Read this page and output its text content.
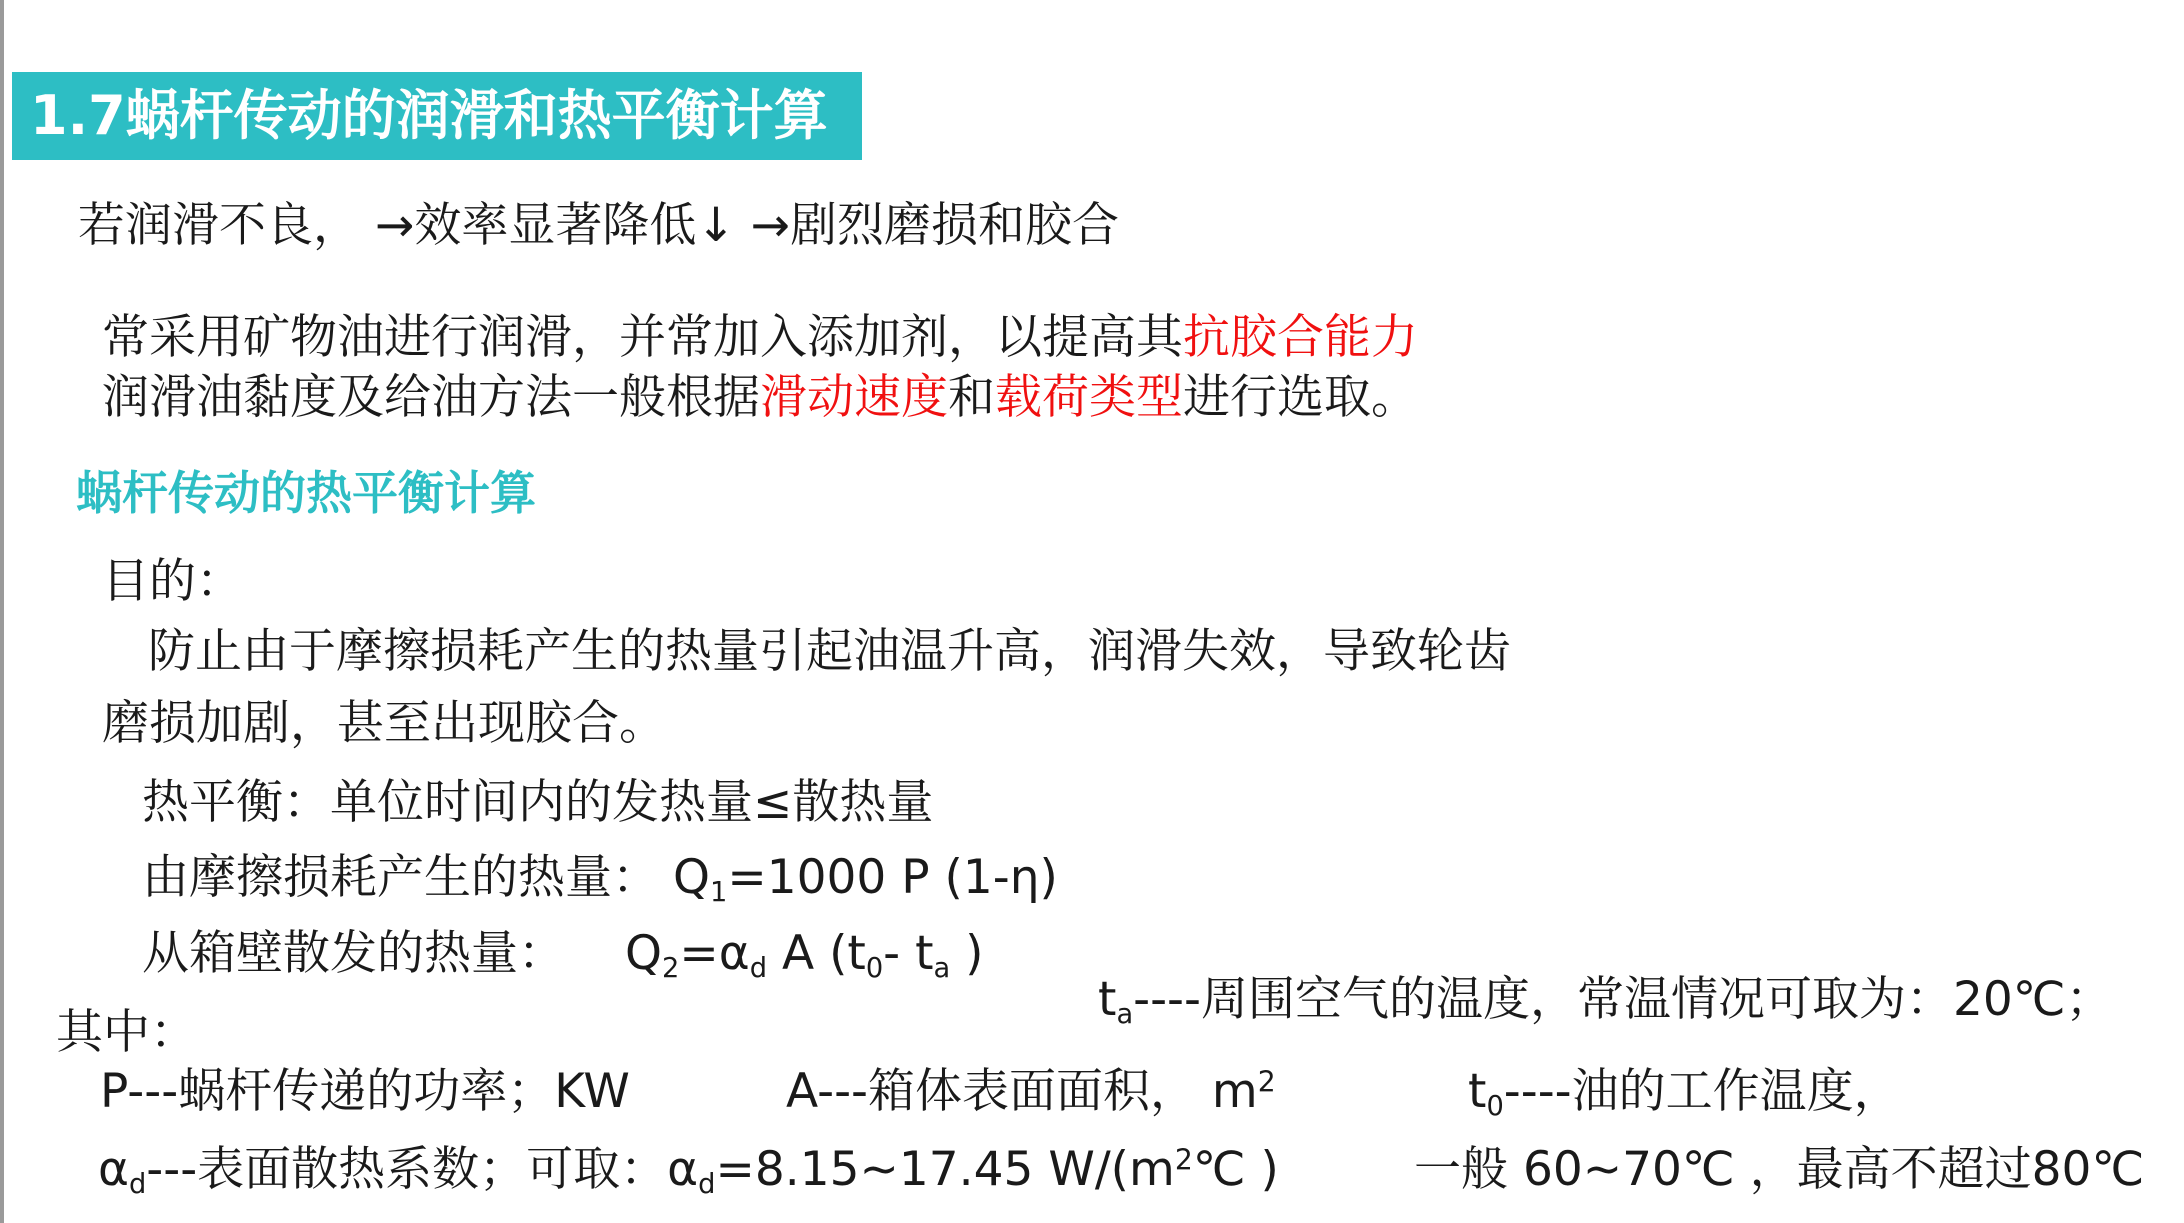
1.7蜗杆传动的润滑和热平衡计算
若润滑不良， →效率显著降低↓ →剧烈磨损和胶合
常采用矿物油进行润滑，并常加入添加剂，以提高其抗胶合能力
润滑油黏度及给油方法一般根据滑动速度和载荷类型进行选取。
蜗杆传动的热平衡计算
目的：
防止由于摩擦损耗产生的热量引起油温升高，润滑失效，导致轮齿
磨损加剧，甚至出现胶合。
热平衡：单位时间内的发热量≤散热量
由摩擦损耗产生的热量： $Q_1=1000$ P (1-η)
从箱壁散发的热量： $Q_2=\alpha_d$ A ($t_0-$ $t_a$ )
$t_a----$周围空气的温度，常温情况可取为：20℃；
其中：
P---蜗杆传递的功率；KW	A---箱体表面面积， $m^2$	$t_0----$油的工作温度，
$\alpha_d---$表面散热系数；可取：$\alpha_d=8.15\sim 17.45$ $W/(m^2℃$ )	一般 60~70℃ ，最高不超过80℃
